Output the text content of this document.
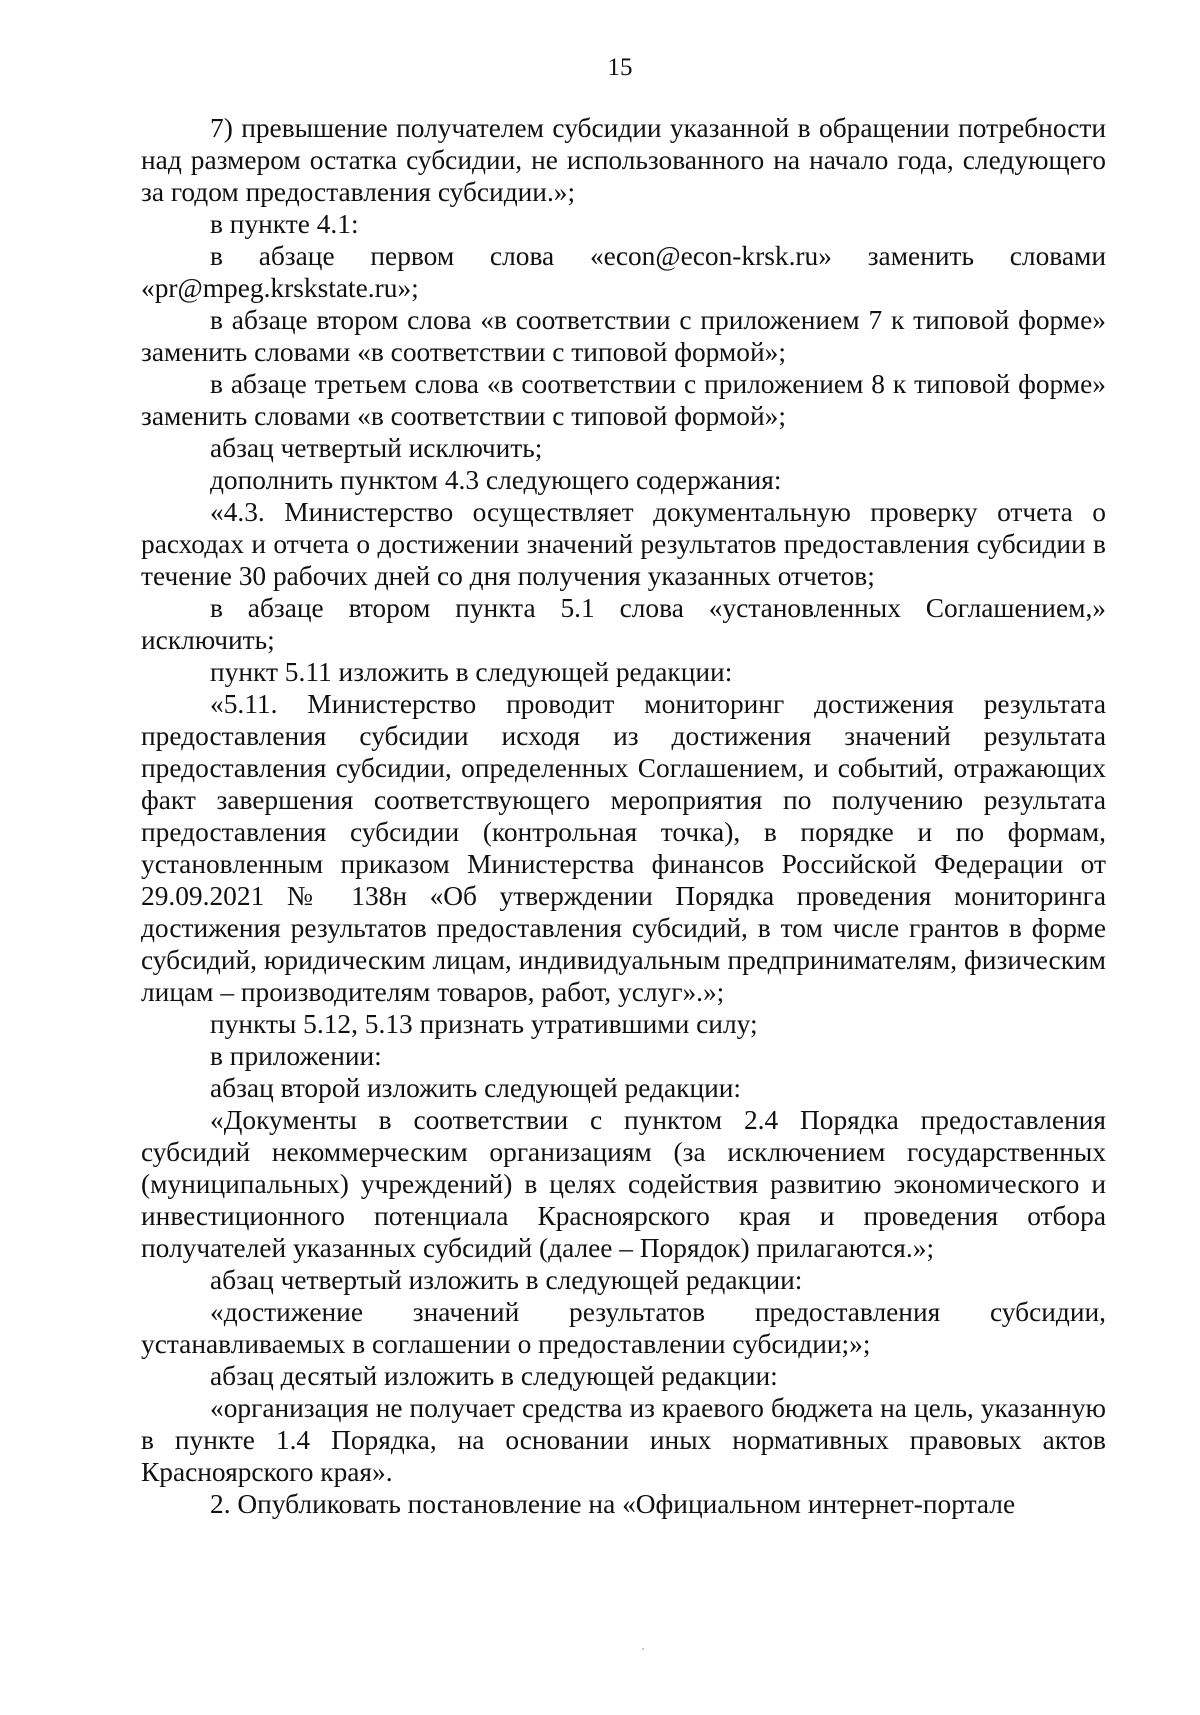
15

7) превышение получателем субсидии указанной в обращении потребности над размером остатка субсидии, не использованного на начало года, следующего за годом предоставления субсидии.»;

в пункте 4.1:

в абзаце первом слова «econ@econ-krsk.ru» заменить словами «pr@mpeg.krskstate.ru»;

в абзаце втором слова «в соответствии с приложением 7 к типовой форме» заменить словами «в соответствии с типовой формой»;

в абзаце третьем слова «в соответствии с приложением 8 к типовой форме» заменить словами «в соответствии с типовой формой»;

абзац четвертый исключить;

дополнить пунктом 4.3 следующего содержания:

«4.3. Министерство осуществляет документальную проверку отчета о расходах и отчета о достижении значений результатов предоставления субсидии в течение 30 рабочих дней со дня получения указанных отчетов;

в абзаце втором пункта 5.1 слова «установленных Соглашением,» исключить;

пункт 5.11 изложить в следующей редакции:

«5.11. Министерство проводит мониторинг достижения результата предоставления субсидии исходя из достижения значений результата предоставления субсидии, определенных Соглашением, и событий, отражающих факт завершения соответствующего мероприятия по получению результата предоставления субсидии (контрольная точка), в порядке и по формам, установленным приказом Министерства финансов Российской Федерации от 29.09.2021 № 138н «Об утверждении Порядка проведения мониторинга достижения результатов предоставления субсидий, в том числе грантов в форме субсидий, юридическим лицам, индивидуальным предпринимателям, физическим лицам – производителям товаров, работ, услуг».»;

пункты 5.12, 5.13 признать утратившими силу;

в приложении:

абзац второй изложить следующей редакции:

«Документы в соответствии с пунктом 2.4 Порядка предоставления субсидий некоммерческим организациям (за исключением государственных (муниципальных) учреждений) в целях содействия развитию экономического и инвестиционного потенциала Красноярского края и проведения отбора получателей указанных субсидий (далее – Порядок) прилагаются.»;

абзац четвертый изложить в следующей редакции:

«достижение значений результатов предоставления субсидии, устанавливаемых в соглашении о предоставлении субсидии;»;

абзац десятый изложить в следующей редакции:

«организация не получает средства из краевого бюджета на цель, указанную в пункте 1.4 Порядка, на основании иных нормативных правовых актов Красноярского края».

2. Опубликовать постановление на «Официальном интернет-портале
